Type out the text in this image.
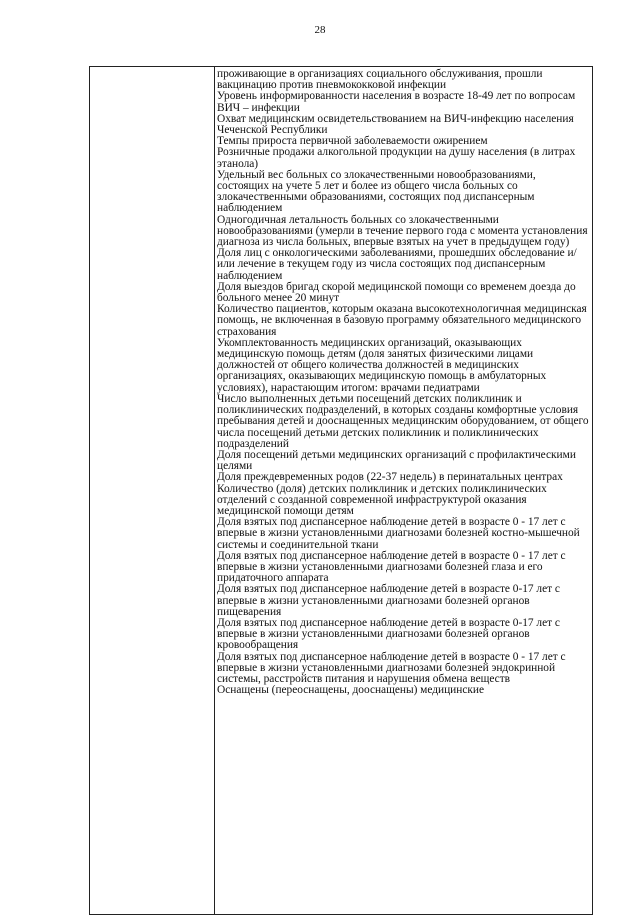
28

проживающие в организациях социального обслуживания, прошли вакцинацию против пневмококковой инфекции

Уровень информированности населения в возрасте 18-49 лет по вопросам ВИЧ – инфекции

Охват медицинским освидетельствованием на ВИЧ-инфекцию населения Чеченской Республики

Темпы прироста первичной заболеваемости ожирением

Розничные продажи алкогольной продукции на душу населения (в литрах этанола)

Удельный вес больных со злокачественными новообразованиями, состоящих на учете 5 лет и более из общего числа больных со злокачественными образованиями, состоящих под диспансерным наблюдением

Одногодичная летальность больных со злокачественными новообразованиями (умерли в течение первого года с момента установления диагноза из числа больных, впервые взятых на учет в предыдущем году)

Доля лиц с онкологическими заболеваниями, прошедших обследование и/или лечение в текущем году из числа состоящих под диспансерным наблюдением

Доля выездов бригад скорой медицинской помощи со временем доезда до больного менее 20 минут

Количество пациентов, которым оказана высокотехнологичная медицинская помощь, не включенная в базовую программу обязательного медицинского страхования

Укомплектованность медицинских организаций, оказывающих медицинскую помощь детям (доля занятых физическими лицами должностей от общего количества должностей в медицинских организациях, оказывающих медицинскую помощь в амбулаторных условиях), нарастающим итогом: врачами педиатрами

Число выполненных детьми посещений детских поликлиник и поликлинических подразделений, в которых созданы комфортные условия пребывания детей и дооснащенных медицинским оборудованием, от общего числа посещений детьми детских поликлиник и поликлинических подразделений

Доля посещений детьми медицинских организаций с профилактическими целями

Доля преждевременных родов (22-37 недель) в перинатальных центрах

Количество (доля) детских поликлиник и детских поликлинических отделений с созданной современной инфраструктурой оказания медицинской помощи детям

Доля взятых под диспансерное наблюдение детей в возрасте 0 - 17 лет с впервые в жизни установленными диагнозами болезней костно-мышечной системы и соединительной ткани

Доля взятых под диспансерное наблюдение детей в возрасте 0 - 17 лет с впервые в жизни установленными диагнозами болезней глаза и его придаточного аппарата

Доля взятых под диспансерное наблюдение детей в возрасте 0-17 лет с впервые в жизни установленными диагнозами болезней органов пищеварения

Доля взятых под диспансерное наблюдение детей в возрасте 0-17 лет с впервые в жизни установленными диагнозами болезней органов кровообращения

Доля взятых под диспансерное наблюдение детей в возрасте 0 - 17 лет с впервые в жизни установленными диагнозами болезней эндокринной системы, расстройств питания и нарушения обмена веществ

Оснащены (переоснащены, дооснащены) медицинские
